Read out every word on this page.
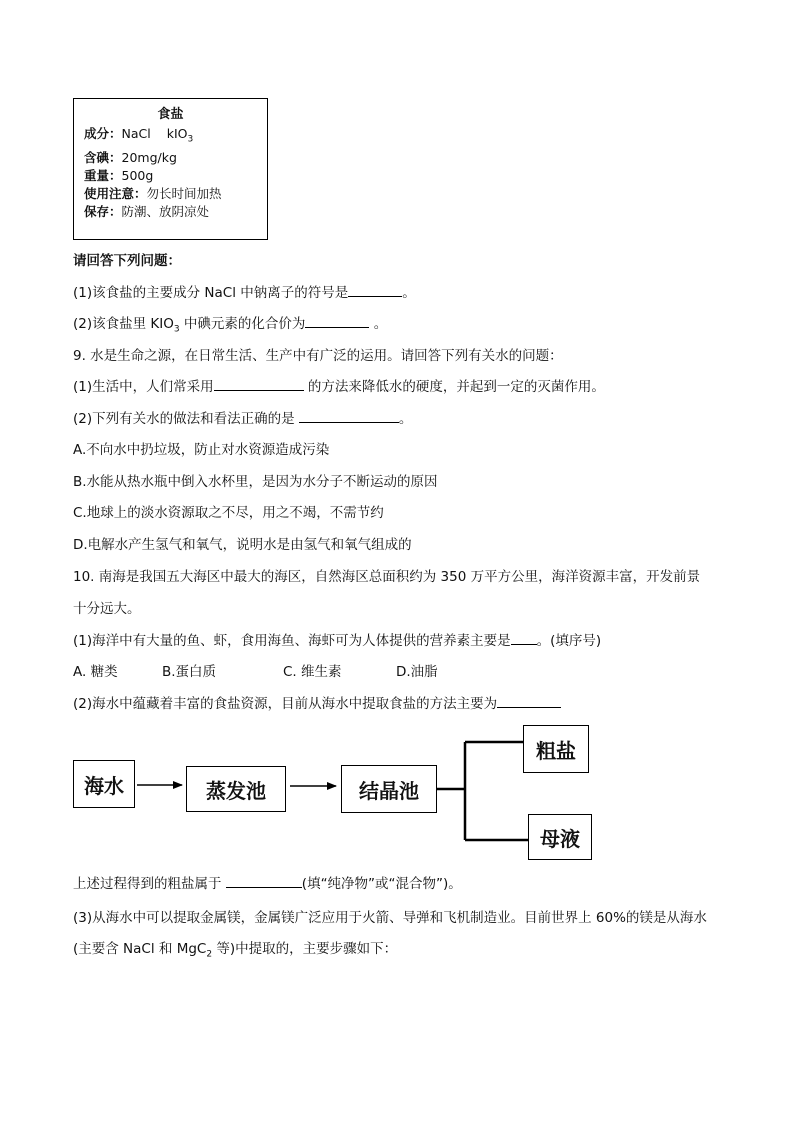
食盐
成分：NaCl kIO$_3$
含碘：20mg/kg
重量：500g
使用注意：勿长时间加热
保存：防潮、放阴凉处
请回答下列问题：
(1)该食盐的主要成分 NaCl 中钠离子的符号是	。
(2)该食盐里 $KIO_3$ 中碘元素的化合价为	。
9. 水是生命之源，在日常生活、生产中有广泛的运用。请回答下列有关水的问题：
(1)生活中，人们常采用	的方法来降低水的硬度，并起到一定的灭菌作用。
(2)下列有关水的做法和看法正确的是	。
A.不向水中扔垃圾，防止对水资源造成污染
B.水能从热水瓶中倒入水杯里，是因为水分子不断运动的原因
C.地球上的淡水资源取之不尽，用之不竭，不需节约
D.电解水产生氢气和氧气，说明水是由氢气和氧气组成的
10. 南海是我国五大海区中最大的海区，自然海区总面积约为 350 万平方公里，海洋资源丰富，开发前景
十分远大。
(1)海洋中有大量的鱼、虾，食用海鱼、海虾可为人体提供的营养素主要是 。(填序号)
A. 糖类	B.蛋白质	C. 维生素	D.油脂
(2)海水中蕴藏着丰富的食盐资源，目前从海水中提取食盐的方法主要为
海水	蒸发池	结晶池
粗盐
母液
上述过程得到的粗盐属于	(填“纯净物”或“混合物”)。
(3)从海水中可以提取金属镁，金属镁广泛应用于火箭、导弹和飞机制造业。目前世界上 60%的镁是从海水
(主要含 NaCl 和 MgC$_2$ 等)中提取的，主要步骤如下：
